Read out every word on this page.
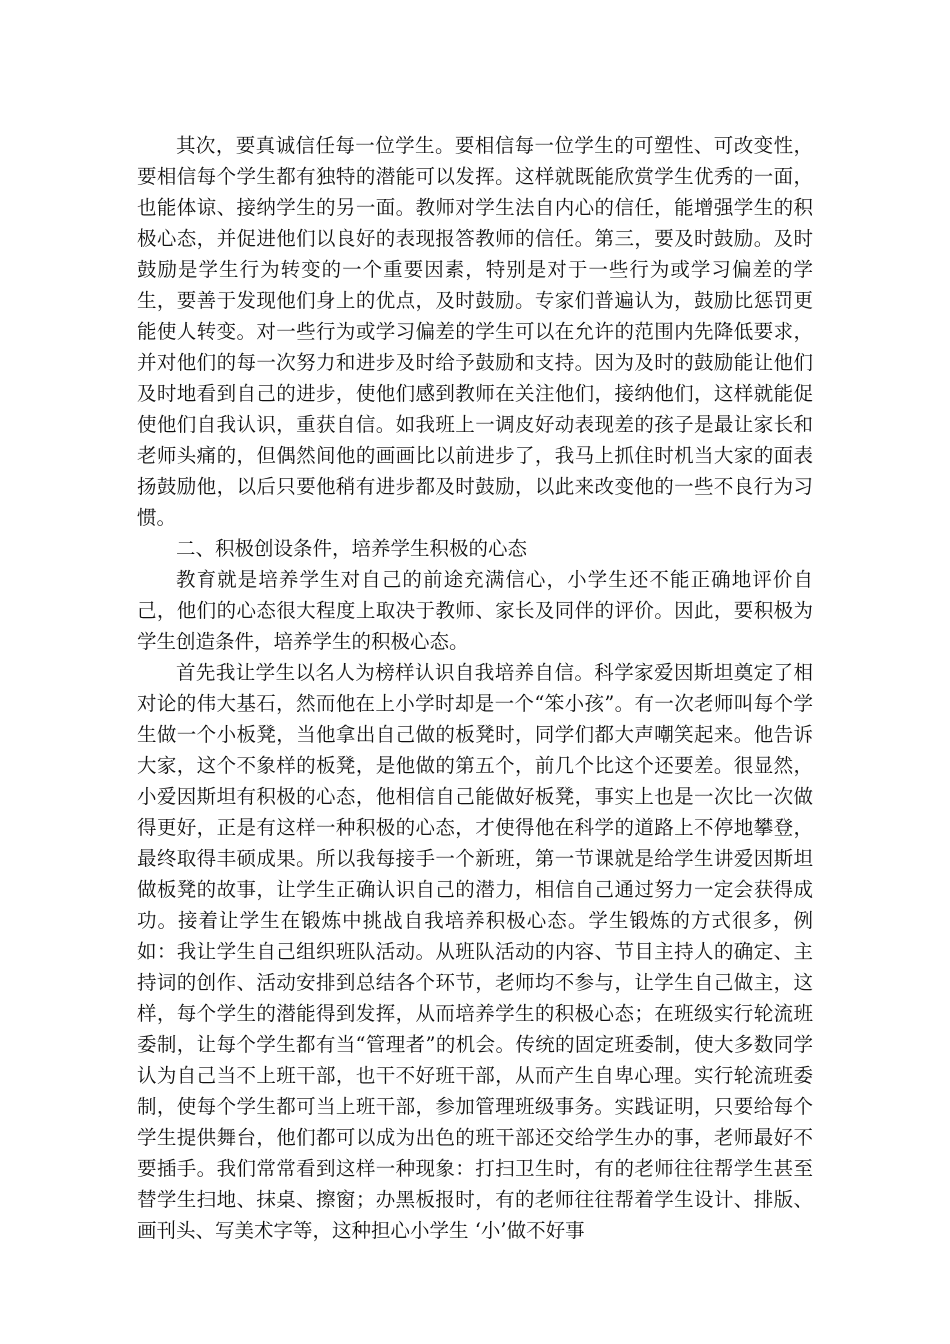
其次，要真诚信任每一位学生。要相信每一位学生的可塑性、可改变性，要相信每个学生都有独特的潜能可以发挥。这样就既能欣赏学生优秀的一面，也能体谅、接纳学生的另一面。教师对学生法自内心的信任，能增强学生的积极心态，并促进他们以良好的表现报答教师的信任。第三，要及时鼓励。及时鼓励是学生行为转变的一个重要因素，特别是对于一些行为或学习偏差的学生，要善于发现他们身上的优点，及时鼓励。专家们普遍认为，鼓励比惩罚更能使人转变。对一些行为或学习偏差的学生可以在允许的范围内先降低要求，并对他们的每一次努力和进步及时给予鼓励和支持。因为及时的鼓励能让他们及时地看到自己的进步，使他们感到教师在关注他们，接纳他们，这样就能促使他们自我认识，重获自信。如我班上一调皮好动表现差的孩子是最让家长和老师头痛的，但偶然间他的画画比以前进步了，我马上抓住时机当大家的面表扬鼓励他，以后只要他稍有进步都及时鼓励，以此来改变他的一些不良行为习惯。

二、积极创设条件，培养学生积极的心态

教育就是培养学生对自己的前途充满信心，小学生还不能正确地评价自己，他们的心态很大程度上取决于教师、家长及同伴的评价。因此，要积极为学生创造条件，培养学生的积极心态。

首先我让学生以名人为榜样认识自我培养自信。科学家爱因斯坦奠定了相对论的伟大基石，然而他在上小学时却是一个“笨小孩”。有一次老师叫每个学生做一个小板凳，当他拿出自己做的板凳时，同学们都大声嘲笑起来。他告诉大家，这个不象样的板凳，是他做的第五个，前几个比这个还要差。很显然，小爱因斯坦有积极的心态，他相信自己能做好板凳，事实上也是一次比一次做得更好，正是有这样一种积极的心态，才使得他在科学的道路上不停地攀登，最终取得丰硕成果。所以我每接手一个新班，第一节课就是给学生讲爱因斯坦做板凳的故事，让学生正确认识自己的潜力，相信自己通过努力一定会获得成功。接着让学生在锻炼中挑战自我培养积极心态。学生锻炼的方式很多，例如：我让学生自己组织班队活动。从班队活动的内容、节目主持人的确定、主持词的创作、活动安排到总结各个环节，老师均不参与，让学生自己做主，这样，每个学生的潜能得到发挥，从而培养学生的积极心态；在班级实行轮流班委制，让每个学生都有当“管理者”的机会。传统的固定班委制，使大多数同学认为自己当不上班干部，也干不好班干部，从而产生自卑心理。实行轮流班委制，使每个学生都可当上班干部，参加管理班级事务。实践证明，只要给每个学生提供舞台，他们都可以成为出色的班干部还交给学生办的事，老师最好不要插手。我们常常看到这样一种现象：打扫卫生时，有的老师往往帮学生甚至替学生扫地、抹桌、擦窗；办黑板报时，有的老师往往帮着学生设计、排版、画刊头、写美术字等，这种担心小学生 ‘小’做不好事
